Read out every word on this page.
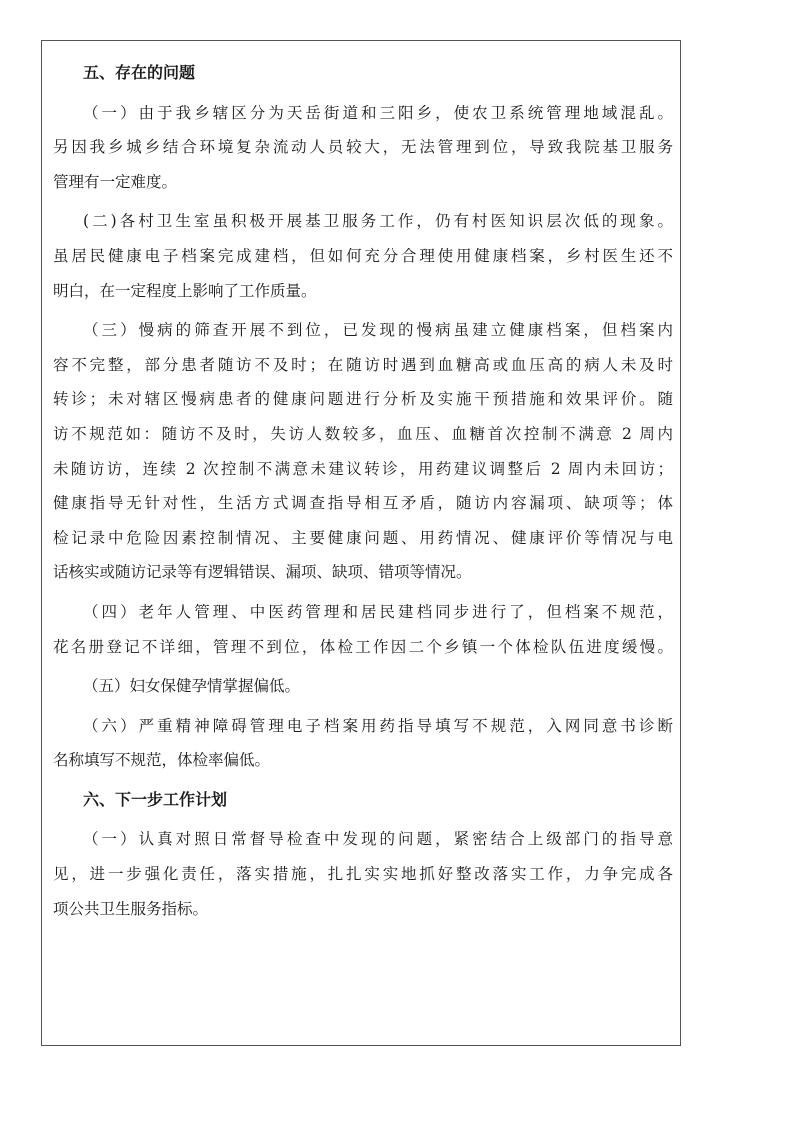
五、存在的问题
（一）由于我乡辖区分为天岳街道和三阳乡，使农卫系统管理地域混乱。
另因我乡城乡结合环境复杂流动人员较大，无法管理到位，导致我院基卫服务
管理有一定难度。
(二)各村卫生室虽积极开展基卫服务工作，仍有村医知识层次低的现象。
虽居民健康电子档案完成建档，但如何充分合理使用健康档案，乡村医生还不
明白，在一定程度上影响了工作质量。
（三）慢病的筛查开展不到位，已发现的慢病虽建立健康档案，但档案内
容不完整，部分患者随访不及时；在随访时遇到血糖高或血压高的病人未及时
转诊；未对辖区慢病患者的健康问题进行分析及实施干预措施和效果评价。随
访不规范如：随访不及时，失访人数较多，血压、血糖首次控制不满意 2 周内
未随访访，连续 2 次控制不满意未建议转诊，用药建议调整后 2 周内未回访；
健康指导无针对性，生活方式调查指导相互矛盾，随访内容漏项、缺项等；体
检记录中危险因素控制情况、主要健康问题、用药情况、健康评价等情况与电
话核实或随访记录等有逻辑错误、漏项、缺项、错项等情况。
（四）老年人管理、中医药管理和居民建档同步进行了，但档案不规范，
花名册登记不详细，管理不到位，体检工作因二个乡镇一个体检队伍进度缓慢。
（五）妇女保健孕情掌握偏低。
（六）严重精神障碍管理电子档案用药指导填写不规范，入网同意书诊断
名称填写不规范，体检率偏低。
六、下一步工作计划
（一）认真对照日常督导检查中发现的问题，紧密结合上级部门的指导意
见，进一步强化责任，落实措施，扎扎实实地抓好整改落实工作，力争完成各
项公共卫生服务指标。
